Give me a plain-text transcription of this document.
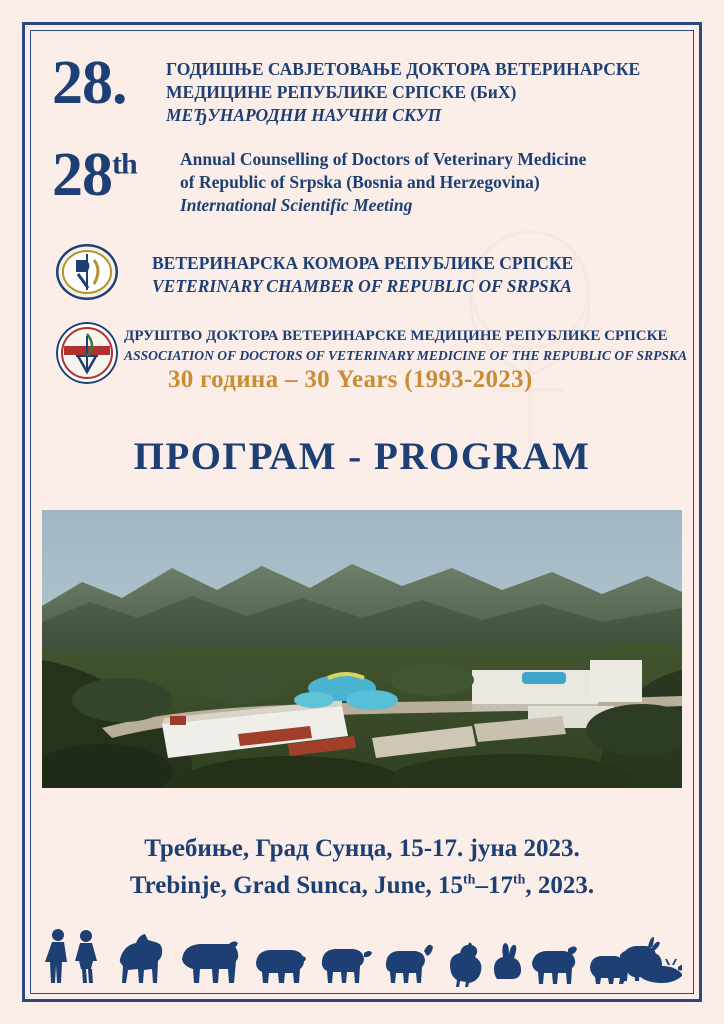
28. ГОДИШЊЕ САВЈЕТОВАЊЕ ДОКТОРА ВЕТЕРИНАРСКЕ
МЕДИЦИНЕ РЕПУБЛИКЕ СРПСКЕ (БиХ)
МЕЂУНАРОДНИ НАУЧНИ СКУП
28th Annual Counselling of Doctors of Veterinary Medicine
of Republic of Srpska (Bosnia and Herzegovina)
International Scientific Meeting
ВЕТЕРИНАРСКА КОМОРА РЕПУБЛИКЕ СРПСКЕ
VETERINARY CHAMBER OF REPUBLIC OF SRPSKA
ДРУШТВО ДОКТОРА ВЕТЕРИНАРСКЕ МЕДИЦИНЕ РЕПУБЛИКЕ СРПСКЕ
ASSOCIATION OF DOCTORS OF VETERINARY MEDICINE OF THE REPUBLIC OF SRPSKA
30 година – 30 Years (1993-2023)
ПРОГРАМ - PROGRAM
Требиње, Град Сунца, 15-17. јуна 2023.
Trebinje, Grad Sunca, June, 15th–17th, 2023.
